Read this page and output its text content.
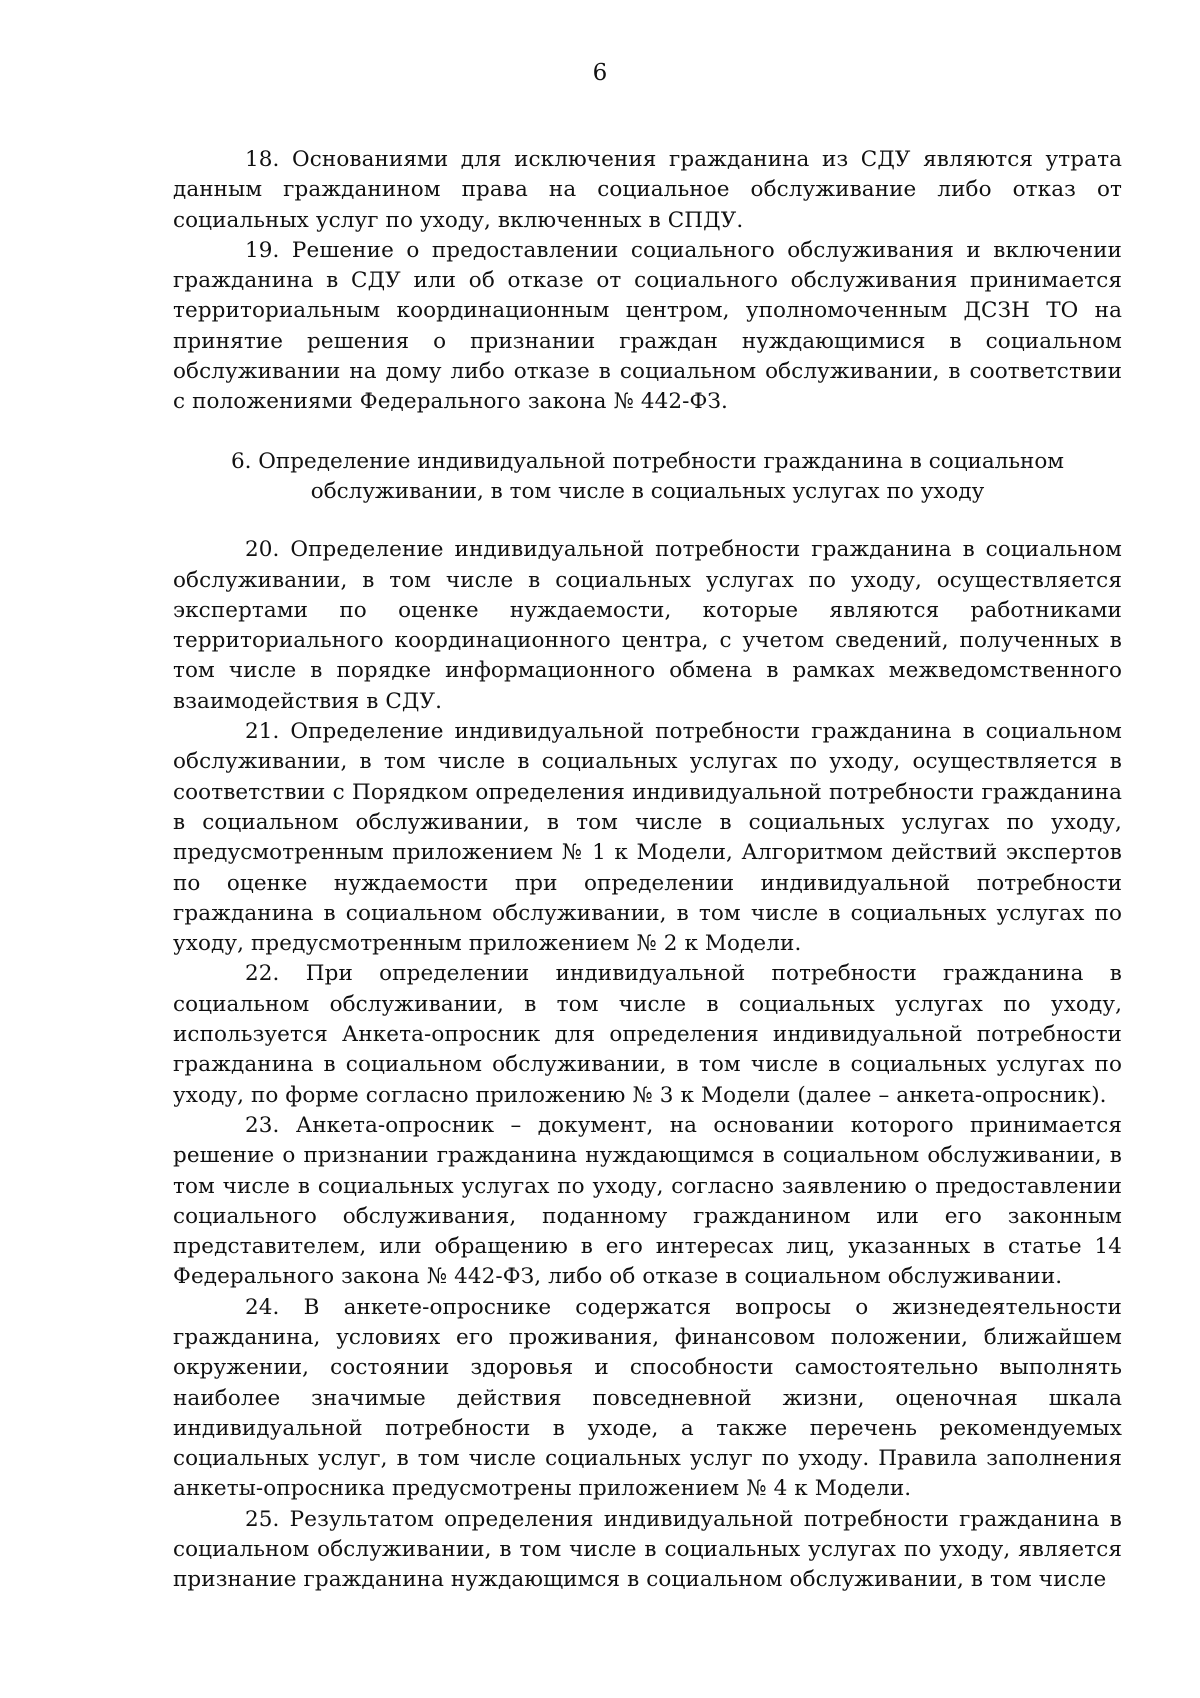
6

18. Основаниями для исключения гражданина из СДУ являются утрата данным гражданином права на социальное обслуживание либо отказ от социальных услуг по уходу, включенных в СПДУ.

19. Решение о предоставлении социального обслуживания и включении гражданина в СДУ или об отказе от социального обслуживания принимается территориальным координационным центром, уполномоченным ДСЗН ТО на принятие решения о признании граждан нуждающимися в социальном обслуживании на дому либо отказе в социальном обслуживании, в соответствии с положениями Федерального закона № 442-ФЗ.

6. Определение индивидуальной потребности гражданина в социальном
обслуживании, в том числе в социальных услугах по уходу

20. Определение индивидуальной потребности гражданина в социальном обслуживании, в том числе в социальных услугах по уходу, осуществляется экспертами по оценке нуждаемости, которые являются работниками территориального координационного центра, с учетом сведений, полученных в том числе в порядке информационного обмена в рамках межведомственного взаимодействия в СДУ.

21. Определение индивидуальной потребности гражданина в социальном обслуживании, в том числе в социальных услугах по уходу, осуществляется в соответствии с Порядком определения индивидуальной потребности гражданина в социальном обслуживании, в том числе в социальных услугах по уходу, предусмотренным приложением № 1 к Модели, Алгоритмом действий экспертов по оценке нуждаемости при определении индивидуальной потребности гражданина в социальном обслуживании, в том числе в социальных услугах по уходу, предусмотренным приложением № 2 к Модели.

22. При определении индивидуальной потребности гражданина в социальном обслуживании, в том числе в социальных услугах по уходу, используется Анкета-опросник для определения индивидуальной потребности гражданина в социальном обслуживании, в том числе в социальных услугах по уходу, по форме согласно приложению № 3 к Модели (далее – анкета-опросник).

23. Анкета-опросник – документ, на основании которого принимается решение о признании гражданина нуждающимся в социальном обслуживании, в том числе в социальных услугах по уходу, согласно заявлению о предоставлении социального обслуживания, поданному гражданином или его законным представителем, или обращению в его интересах лиц, указанных в статье 14 Федерального закона № 442-ФЗ, либо об отказе в социальном обслуживании.

24. В анкете-опроснике содержатся вопросы о жизнедеятельности гражданина, условиях его проживания, финансовом положении, ближайшем окружении, состоянии здоровья и способности самостоятельно выполнять наиболее значимые действия повседневной жизни, оценочная шкала индивидуальной потребности в уходе, а также перечень рекомендуемых социальных услуг, в том числе социальных услуг по уходу. Правила заполнения анкеты-опросника предусмотрены приложением № 4 к Модели.

25. Результатом определения индивидуальной потребности гражданина в социальном обслуживании, в том числе в социальных услугах по уходу, является признание гражданина нуждающимся в социальном обслуживании, в том числе
